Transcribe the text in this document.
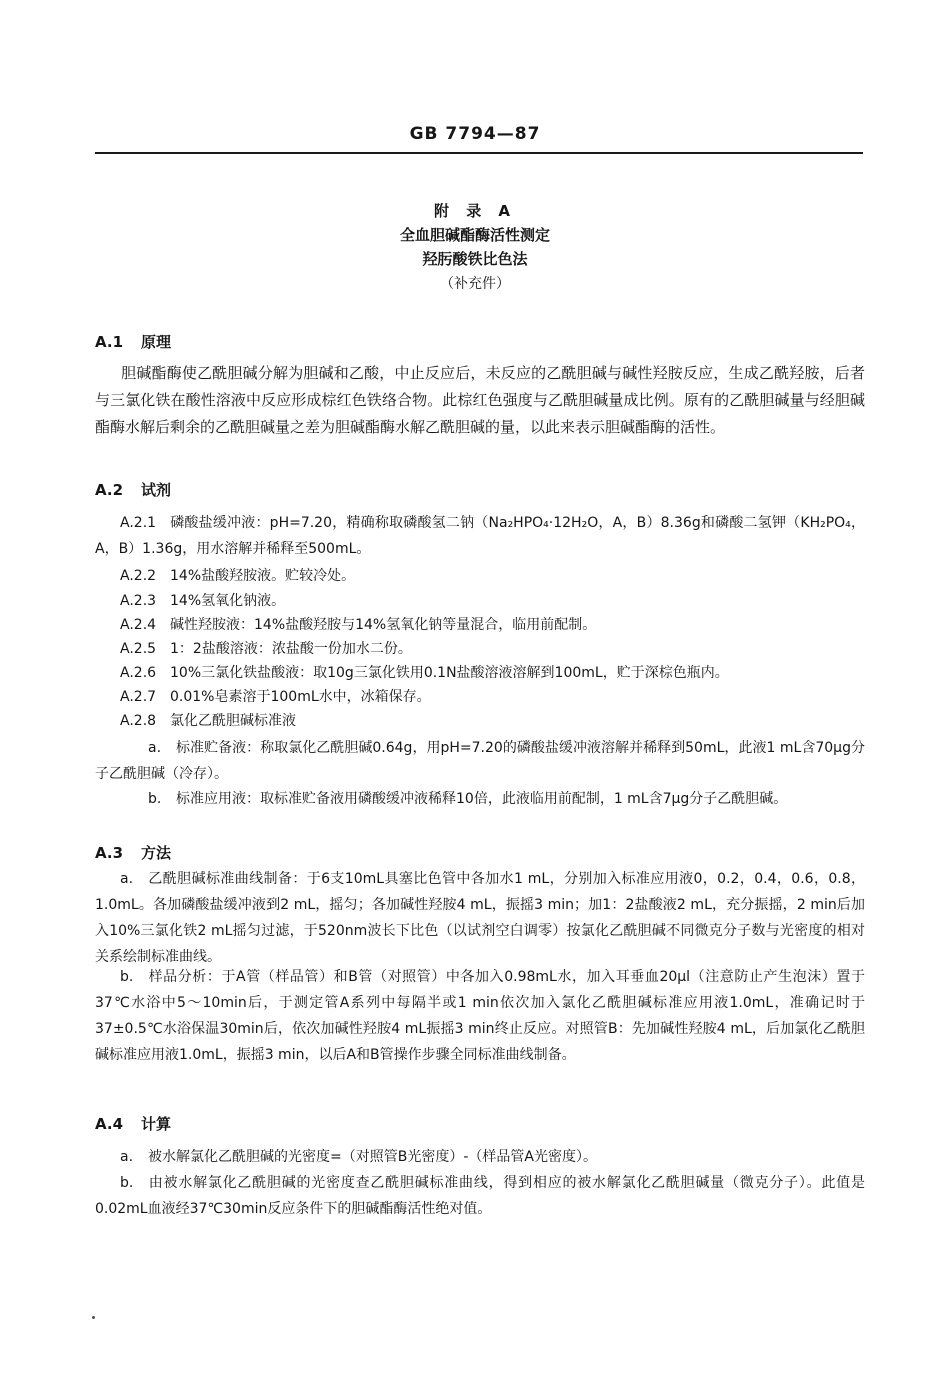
GB 7794—87
附 录 A
全血胆碱酯酶活性测定
羟肟酸铁比色法
（补充件）
A.1 原理
胆碱酯酶使乙酰胆碱分解为胆碱和乙酸，中止反应后，未反应的乙酰胆碱与碱性羟胺反应，生成乙酰羟胺，后者与三氯化铁在酸性溶液中反应形成棕红色铁络合物。此棕红色强度与乙酰胆碱量成比例。原有的乙酰胆碱量与经胆碱酯酶水解后剩余的乙酰胆碱量之差为胆碱酯酶水解乙酰胆碱的量，以此来表示胆碱酯酶的活性。
A.2 试剂
A.2.1 磷酸盐缓冲液：pH=7.20，精确称取磷酸氢二钠（Na₂HPO₄·12H₂O，A，B）8.36g和磷酸二氢钾（KH₂PO₄，A，B）1.36g，用水溶解并稀释至500mL。
A.2.2 14%盐酸羟胺液。贮较冷处。
A.2.3 14%氢氧化钠液。
A.2.4 碱性羟胺液：14%盐酸羟胺与14%氢氧化钠等量混合，临用前配制。
A.2.5 1：2盐酸溶液：浓盐酸一份加水二份。
A.2.6 10%三氯化铁盐酸液：取10g三氯化铁用0.1N盐酸溶液溶解到100mL，贮于深棕色瓶内。
A.2.7 0.01%皂素溶于100mL水中，冰箱保存。
A.2.8 氯化乙酰胆碱标准液
a. 标准贮备液：称取氯化乙酰胆碱0.64g，用pH=7.20的磷酸盐缓冲液溶解并稀释到50mL，此液1 mL含70μg分子乙酰胆碱（冷存）。
b. 标准应用液：取标准贮备液用磷酸缓冲液稀释10倍，此液临用前配制，1 mL含7μg分子乙酰胆碱。
A.3 方法
a. 乙酰胆碱标准曲线制备：于6支10mL具塞比色管中各加水1 mL，分别加入标准应用液0，0.2，0.4，0.6，0.8，1.0mL。各加磷酸盐缓冲液到2 mL，摇匀；各加碱性羟胺4 mL，振摇3 min；加1：2盐酸液2 mL，充分振摇，2 min后加入10%三氯化铁2 mL摇匀过滤，于520nm波长下比色（以试剂空白调零）按氯化乙酰胆碱不同微克分子数与光密度的相对关系绘制标准曲线。
b. 样品分析：于A管（样品管）和B管（对照管）中各加入0.98mL水，加入耳垂血20μl（注意防止产生泡沫）置于37℃水浴中5～10min后，于测定管A系列中每隔半或1 min依次加入氯化乙酰胆碱标准应用液1.0mL，准确记时于37±0.5℃水浴保温30min后，依次加碱性羟胺4 mL振摇3 min终止反应。对照管B：先加碱性羟胺4 mL，后加氯化乙酰胆碱标准应用液1.0mL，振摇3 min，以后A和B管操作步骤全同标准曲线制备。
A.4 计算
a. 被水解氯化乙酰胆碱的光密度=（对照管B光密度）-（样品管A光密度）。
b. 由被水解氯化乙酰胆碱的光密度查乙酰胆碱标准曲线，得到相应的被水解氯化乙酰胆碱量（微克分子）。此值是0.02mL血液经37℃30min反应条件下的胆碱酯酶活性绝对值。
